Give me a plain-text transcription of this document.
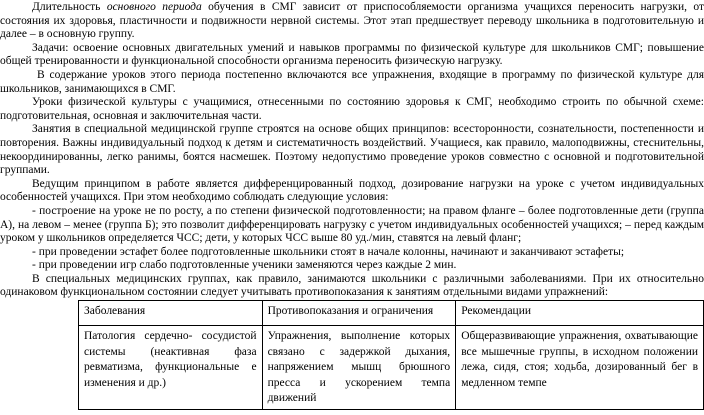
Длительность основного периода обучения в СМГ зависит от приспособляемости организма учащихся переносить нагрузки, от состояния их здоровья, пластичности и подвижности нервной системы. Этот этап предшествует переводу школьника в подготовительную и далее – в основную группу.

Задачи: освоение основных двигательных умений и навыков программы по физической культуре для школьников СМГ; повышение общей тренированности и функциональной способности организма переносить физическую нагрузку.

В содержание уроков этого периода постепенно включаются все упражнения, входящие в программу по физической культуре для школьников, занимающихся в СМГ.

Уроки физической культуры с учащимися, отнесенными по состоянию здоровья к СМГ, необходимо строить по обычной схеме: подготовительная, основная и заключительная части.

Занятия в специальной медицинской группе строятся на основе общих принципов: всесторонности, сознательности, постепенности и повторения. Важны индивидуальный подход к детям и систематичность воздействий. Учащиеся, как правило, малоподвижны, стеснительны, некоординированны, легко ранимы, боятся насмешек. Поэтому недопустимо проведение уроков совместно с основной и подготовительной группами.

Ведущим принципом в работе является дифференцированный подход, дозирование нагрузки на уроке с учетом индивидуальных особенностей учащихся. При этом необходимо соблюдать следующие условия:

- построение на уроке не по росту, а по степени физической подготовленности; на правом фланге – более подготовленные дети (группа А), на левом – менее (группа Б); это позволит дифференцировать нагрузку с учетом индивидуальных особенностей учащихся; – перед каждым уроком у школьников определяется ЧСС; дети, у которых ЧСС выше 80 уд./мин, ставятся на левый фланг;

- при проведении эстафет более подготовленные школьники стоят в начале колонны, начинают и заканчивают эстафеты;

- при проведении игр слабо подготовленные ученики заменяются через каждые 2 мин.

В специальных медицинских группах, как правило, занимаются школьники с различными заболеваниями. При их относительно одинаковом функциональном состоянии следует учитывать противопоказания к занятиям отдельными видами упражнений:

Заболевания	Противопоказания и ограничения	Рекомендации
Патология сердечно- сосудистой системы (неактивная фаза ревматизма, функциональные е изменения и др.)	Упражнения, выполнение которых связано с задержкой дыхания, напряжением мышц брюшного пресса и ускорением темпа движений	Общеразвивающие упражнения, охватывающие все мышечные группы, в исходном положении лежа, сидя, стоя; ходьба, дозированный бег в медленном темпе
